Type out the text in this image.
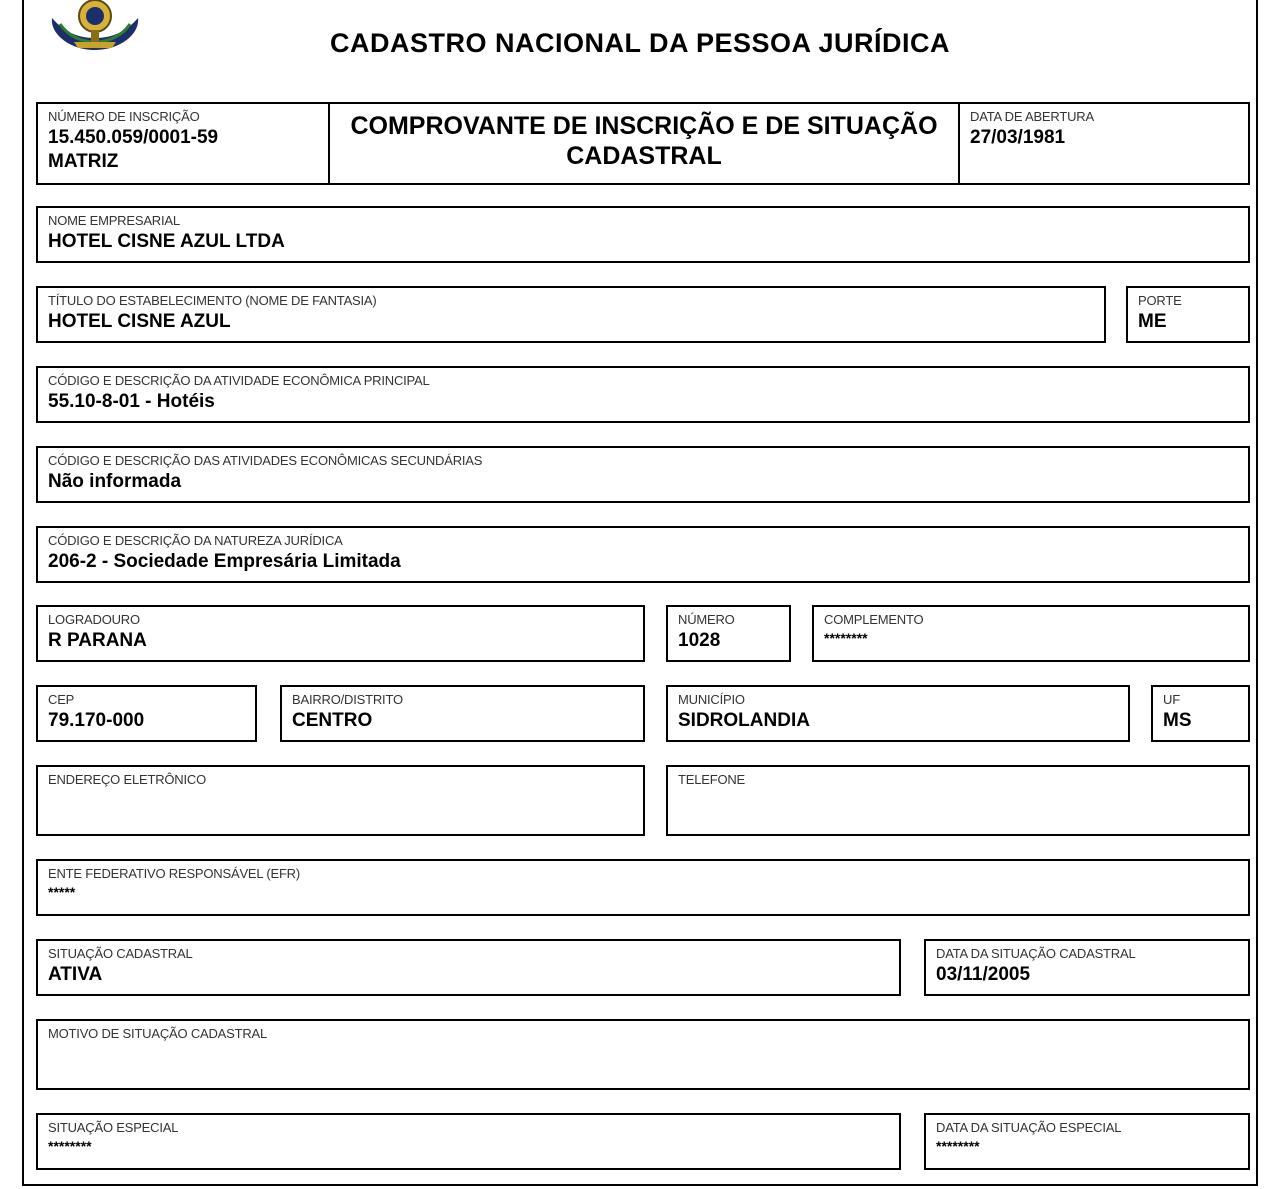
CADASTRO NACIONAL DA PESSOA JURÍDICA
NÚMERO DE INSCRIÇÃO
15.450.059/0001-59
MATRIZ
COMPROVANTE DE INSCRIÇÃO E DE SITUAÇÃO CADASTRAL
DATA DE ABERTURA
27/03/1981
NOME EMPRESARIAL
HOTEL CISNE AZUL LTDA
TÍTULO DO ESTABELECIMENTO (NOME DE FANTASIA)
HOTEL CISNE AZUL
PORTE
ME
CÓDIGO E DESCRIÇÃO DA ATIVIDADE ECONÔMICA PRINCIPAL
55.10-8-01 - Hotéis
CÓDIGO E DESCRIÇÃO DAS ATIVIDADES ECONÔMICAS SECUNDÁRIAS
Não informada
CÓDIGO E DESCRIÇÃO DA NATUREZA JURÍDICA
206-2 - Sociedade Empresária Limitada
LOGRADOURO
R PARANA
NÚMERO
1028
COMPLEMENTO
********
CEP
79.170-000
BAIRRO/DISTRITO
CENTRO
MUNICÍPIO
SIDROLANDIA
UF
MS
ENDEREÇO ELETRÔNICO	TELEFONE
ENTE FEDERATIVO RESPONSÁVEL (EFR)
*****
SITUAÇÃO CADASTRAL
ATIVA
DATA DA SITUAÇÃO CADASTRAL
03/11/2005
MOTIVO DE SITUAÇÃO CADASTRAL
SITUAÇÃO ESPECIAL
********
DATA DA SITUAÇÃO ESPECIAL
********
